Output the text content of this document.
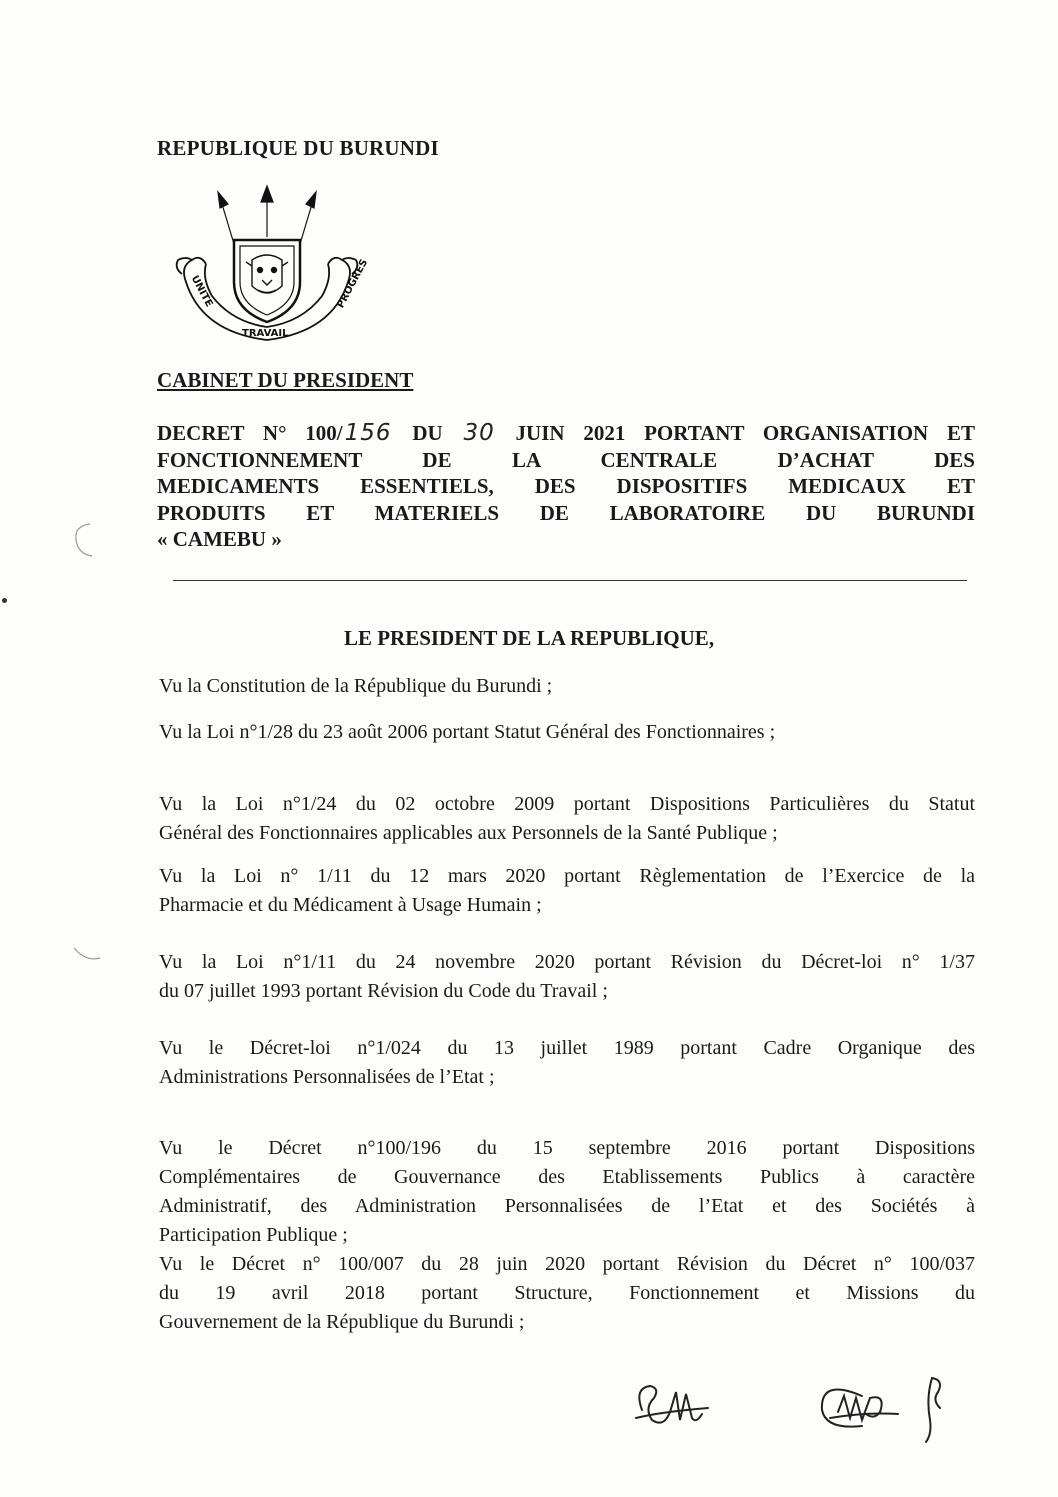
REPUBLIQUE DU BURUNDI
UNITE
TRAVAIL
PROGRES
CABINET DU PRESIDENT
DECRET N° 100/156 DU 30 JUIN 2021 PORTANT ORGANISATION ET
FONCTIONNEMENT DE LA CENTRALE D’ACHAT DES
MEDICAMENTS ESSENTIELS, DES DISPOSITIFS MEDICAUX ET
PRODUITS ET MATERIELS DE LABORATOIRE DU BURUNDI
« CAMEBU »
LE PRESIDENT DE LA REPUBLIQUE,
Vu la Constitution de la République du Burundi ;
Vu la Loi n°1/28 du 23 août 2006 portant Statut Général des Fonctionnaires ;
Vu la Loi n°1/24 du 02 octobre 2009 portant Dispositions Particulières du Statut
Général des Fonctionnaires applicables aux Personnels de la Santé Publique ;
Vu la Loi n° 1/11 du 12 mars 2020 portant Règlementation de l’Exercice de la
Pharmacie et du Médicament à Usage Humain ;
Vu la Loi n°1/11 du 24 novembre 2020 portant Révision du Décret-loi n° 1/37
du 07 juillet 1993 portant Révision du Code du Travail ;
Vu le Décret-loi n°1/024 du 13 juillet 1989 portant Cadre Organique des
Administrations Personnalisées de l’Etat ;
Vu le Décret n°100/196 du 15 septembre 2016 portant Dispositions
Complémentaires de Gouvernance des Etablissements Publics à caractère
Administratif, des Administration Personnalisées de l’Etat et des Sociétés à
Participation Publique ;
Vu le Décret n° 100/007 du 28 juin 2020 portant Révision du Décret n° 100/037
du 19 avril 2018 portant Structure, Fonctionnement et Missions du
Gouvernement de la République du Burundi ;
